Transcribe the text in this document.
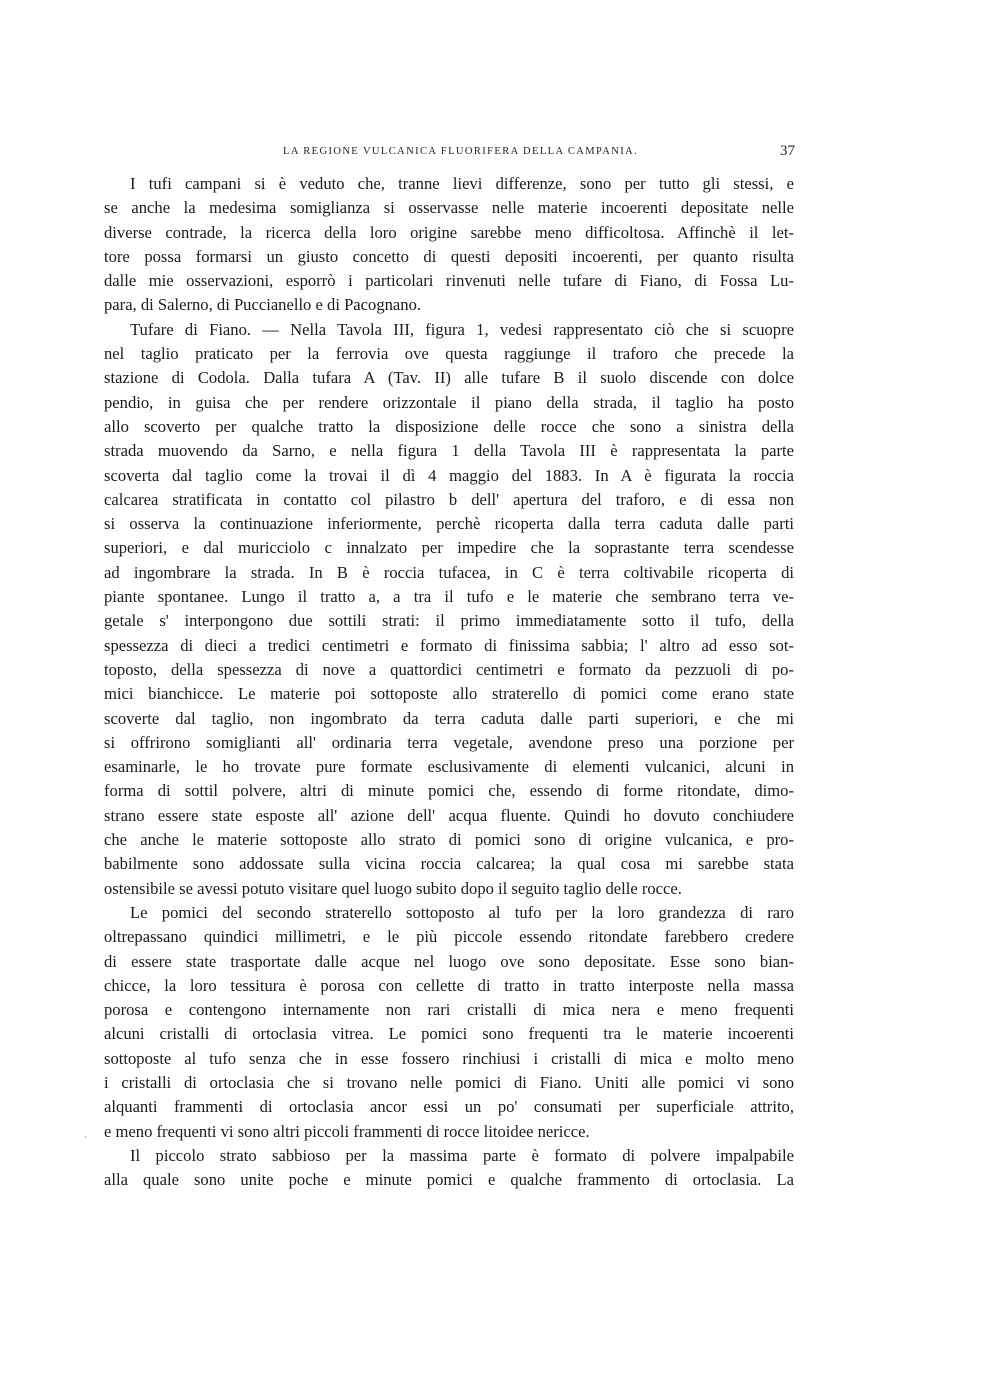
LA REGIONE VULCANICA FLUORIFERA DELLA CAMPANIA.	37
I tufi campani si è veduto che, tranne lievi differenze, sono per tutto gli stessi, e
se anche la medesima somiglianza si osservasse nelle materie incoerenti depositate nelle
diverse contrade, la ricerca della loro origine sarebbe meno difficoltosa. Affinchè il let-
tore possa formarsi un giusto concetto di questi depositi incoerenti, per quanto risulta
dalle mie osservazioni, esporrò i particolari rinvenuti nelle tufare di Fiano, di Fossa Lu-
para, di Salerno, di Puccianello e di Pacognano.
Tufare di Fiano. — Nella Tavola III, figura 1, vedesi rappresentato ciò che si scuopre
nel taglio praticato per la ferrovia ove questa raggiunge il traforo che precede la
stazione di Codola. Dalla tufara A (Tav. II) alle tufare B il suolo discende con dolce
pendio, in guisa che per rendere orizzontale il piano della strada, il taglio ha posto
allo scoverto per qualche tratto la disposizione delle rocce che sono a sinistra della
strada muovendo da Sarno, e nella figura 1 della Tavola III è rappresentata la parte
scoverta dal taglio come la trovai il dì 4 maggio del 1883. In A è figurata la roccia
calcarea stratificata in contatto col pilastro b dell' apertura del traforo, e di essa non
si osserva la continuazione inferiormente, perchè ricoperta dalla terra caduta dalle parti
superiori, e dal muricciolo c innalzato per impedire che la soprastante terra scendesse
ad ingombrare la strada. In B è roccia tufacea, in C è terra coltivabile ricoperta di
piante spontanee. Lungo il tratto a, a tra il tufo e le materie che sembrano terra ve-
getale s' interpongono due sottili strati: il primo immediatamente sotto il tufo, della
spessezza di dieci a tredici centimetri e formato di finissima sabbia; l' altro ad esso sot-
toposto, della spessezza di nove a quattordici centimetri e formato da pezzuoli di po-
mici bianchicce. Le materie poi sottoposte allo straterello di pomici come erano state
scoverte dal taglio, non ingombrato da terra caduta dalle parti superiori, e che mi
si offrirono somiglianti all' ordinaria terra vegetale, avendone preso una porzione per
esaminarle, le ho trovate pure formate esclusivamente di elementi vulcanici, alcuni in
forma di sottil polvere, altri di minute pomici che, essendo di forme ritondate, dimo-
strano essere state esposte all' azione dell' acqua fluente. Quindi ho dovuto conchiudere
che anche le materie sottoposte allo strato di pomici sono di origine vulcanica, e pro-
babilmente sono addossate sulla vicina roccia calcarea; la qual cosa mi sarebbe stata
ostensibile se avessi potuto visitare quel luogo subito dopo il seguito taglio delle rocce.
Le pomici del secondo straterello sottoposto al tufo per la loro grandezza di raro
oltrepassano quindici millimetri, e le più piccole essendo ritondate farebbero credere
di essere state trasportate dalle acque nel luogo ove sono depositate. Esse sono bian-
chicce, la loro tessitura è porosa con cellette di tratto in tratto interposte nella massa
porosa e contengono internamente non rari cristalli di mica nera e meno frequenti
alcuni cristalli di ortoclasia vitrea. Le pomici sono frequenti tra le materie incoerenti
sottoposte al tufo senza che in esse fossero rinchiusi i cristalli di mica e molto meno
i cristalli di ortoclasia che si trovano nelle pomici di Fiano. Uniti alle pomici vi sono
alquanti frammenti di ortoclasia ancor essi un po' consumati per superficiale attrito,
e meno frequenti vi sono altri piccoli frammenti di rocce litoidee nericce.
Il piccolo strato sabbioso per la massima parte è formato di polvere impalpabile
alla quale sono unite poche e minute pomici e qualche frammento di ortoclasia. La
`
